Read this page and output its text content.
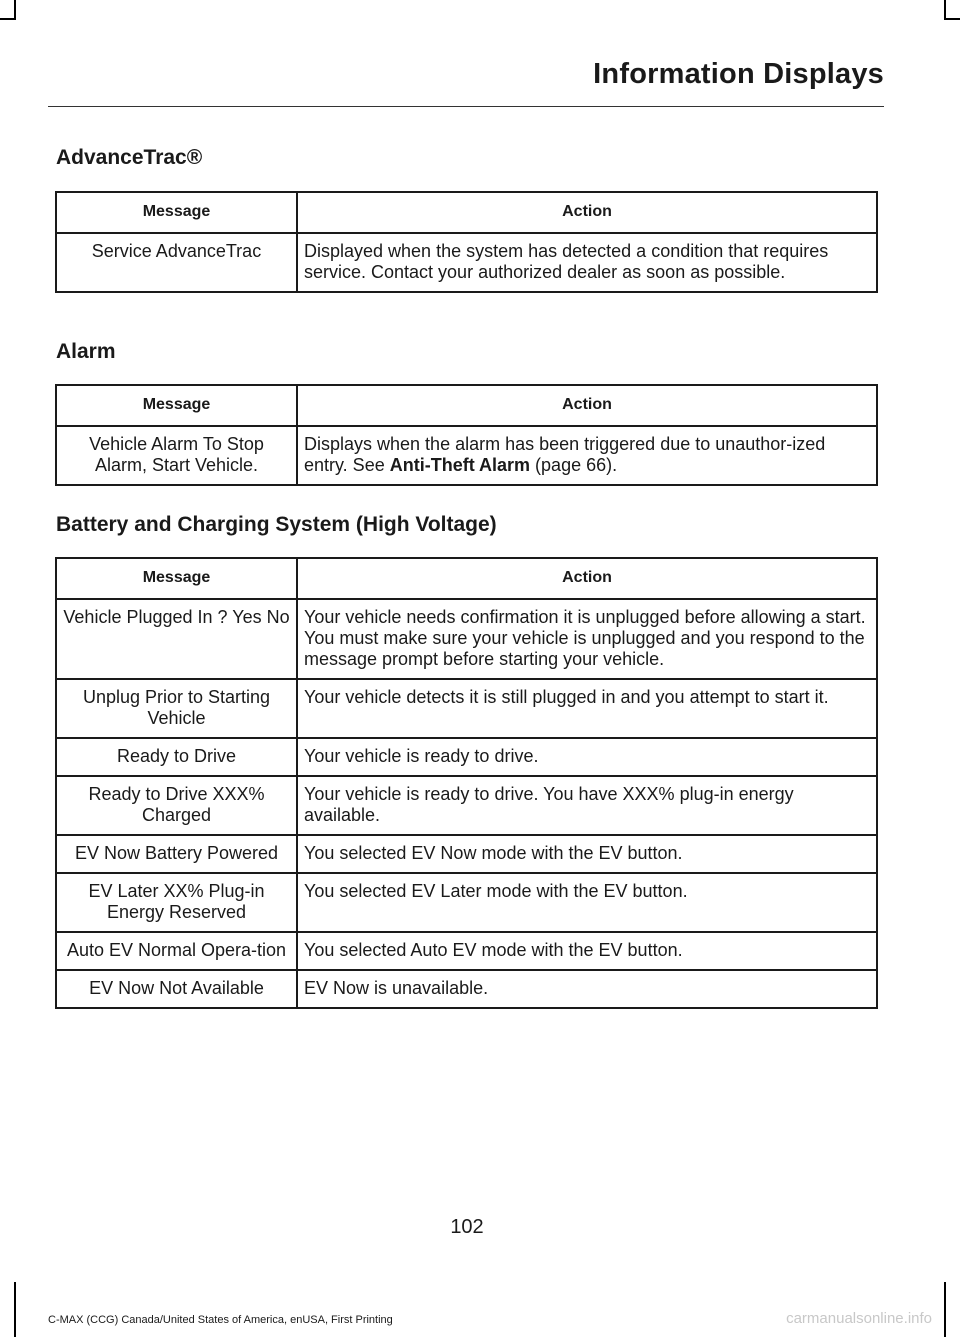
Information Displays
AdvanceTrac®
Message	Action
Service AdvanceTrac	Displayed when the system has detected a condition that requires service. Contact your authorized dealer as soon as possible.
Alarm
Message	Action
Vehicle Alarm To Stop Alarm, Start Vehicle.	Displays when the alarm has been triggered due to unauthor-ized entry. See Anti-Theft Alarm (page 66).
Battery and Charging System (High Voltage)
Message	Action
Vehicle Plugged In ? Yes No	Your vehicle needs confirmation it is unplugged before allowing a start. You must make sure your vehicle is unplugged and you respond to the message prompt before starting your vehicle.
Unplug Prior to Starting Vehicle	Your vehicle detects it is still plugged in and you attempt to start it.
Ready to Drive	Your vehicle is ready to drive.
Ready to Drive XXX% Charged	Your vehicle is ready to drive. You have XXX% plug-in energy available.
EV Now Battery Powered	You selected EV Now mode with the EV button.
EV Later XX% Plug-in Energy Reserved	You selected EV Later mode with the EV button.
Auto EV Normal Opera-tion	You selected Auto EV mode with the EV button.
EV Now Not Available	EV Now is unavailable.
102
C-MAX (CCG) Canada/United States of America, enUSA, First Printing	carmanualsonline.info
